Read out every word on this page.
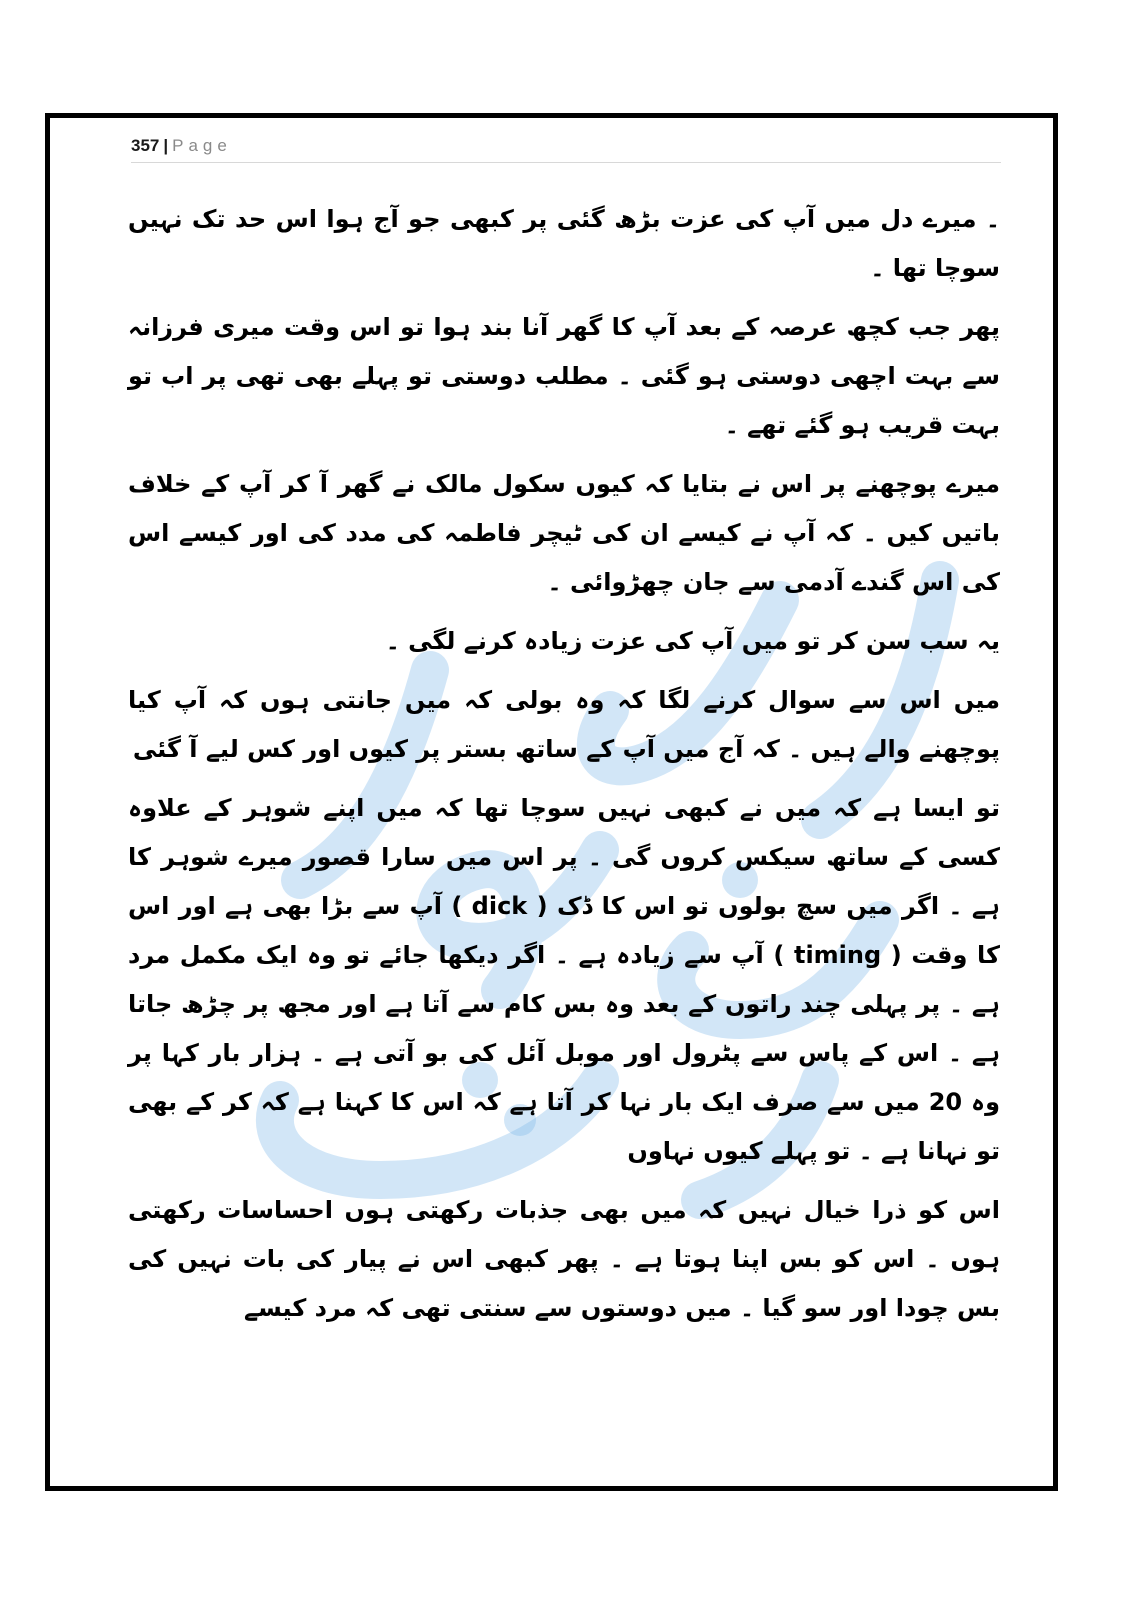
357 | Page

۔ میرے دل میں آپ کی عزت بڑھ گئی پر کبھی جو آج ہوا اس حد تک نہیں سوچا تھا ۔

پھر جب کچھ عرصہ کے بعد آپ کا گھر آنا بند ہوا تو اس وقت میری فرزانہ سے بہت اچھی دوستی ہو گئی ۔ مطلب دوستی تو پہلے بھی تھی پر اب تو بہت قریب ہو گئے تھے ۔

میرے پوچھنے پر اس نے بتایا کہ کیوں سکول مالک نے گھر آ کر آپ کے خلاف باتیں کیں ۔ کہ آپ نے کیسے ان کی ٹیچر فاطمہ کی مدد کی اور کیسے اس کی اس گندے آدمی سے جان چھڑوائی ۔

یہ سب سن کر تو میں آپ کی عزت زیادہ کرنے لگی ۔

میں اس سے سوال کرنے لگا کہ وہ بولی کہ میں جانتی ہوں کہ آپ کیا پوچھنے والے ہیں ۔ کہ آج میں آپ کے ساتھ بستر پر کیوں اور کس لیے آ گئی

تو ایسا ہے کہ میں نے کبھی نہیں سوچا تھا کہ میں اپنے شوہر کے علاوہ کسی کے ساتھ سیکس کروں گی ۔ پر اس میں سارا قصور میرے شوہر کا ہے ۔ اگر میں سچ بولوں تو اس کا ڈک ( dick ) آپ سے بڑا بھی ہے اور اس کا وقت ( timing ) آپ سے زیادہ ہے ۔ اگر دیکھا جائے تو وہ ایک مکمل مرد ہے ۔ پر پہلی چند راتوں کے بعد وہ بس کام سے آتا ہے اور مجھ پر چڑھ جاتا ہے ۔ اس کے پاس سے پٹرول اور موبل آئل کی بو آتی ہے ۔ ہزار بار کہا پر وہ 20 میں سے صرف ایک بار نہا کر آتا ہے کہ اس کا کہنا ہے کہ کر کے بھی تو نہانا ہے ۔ تو پہلے کیوں نہاوں

اس کو ذرا خیال نہیں کہ میں بھی جذبات رکھتی ہوں احساسات رکھتی ہوں ۔ اس کو بس اپنا ہوتا ہے ۔ پھر کبھی اس نے پیار کی بات نہیں کی بس چودا اور سو گیا ۔ میں دوستوں سے سنتی تھی کہ مرد کیسے
